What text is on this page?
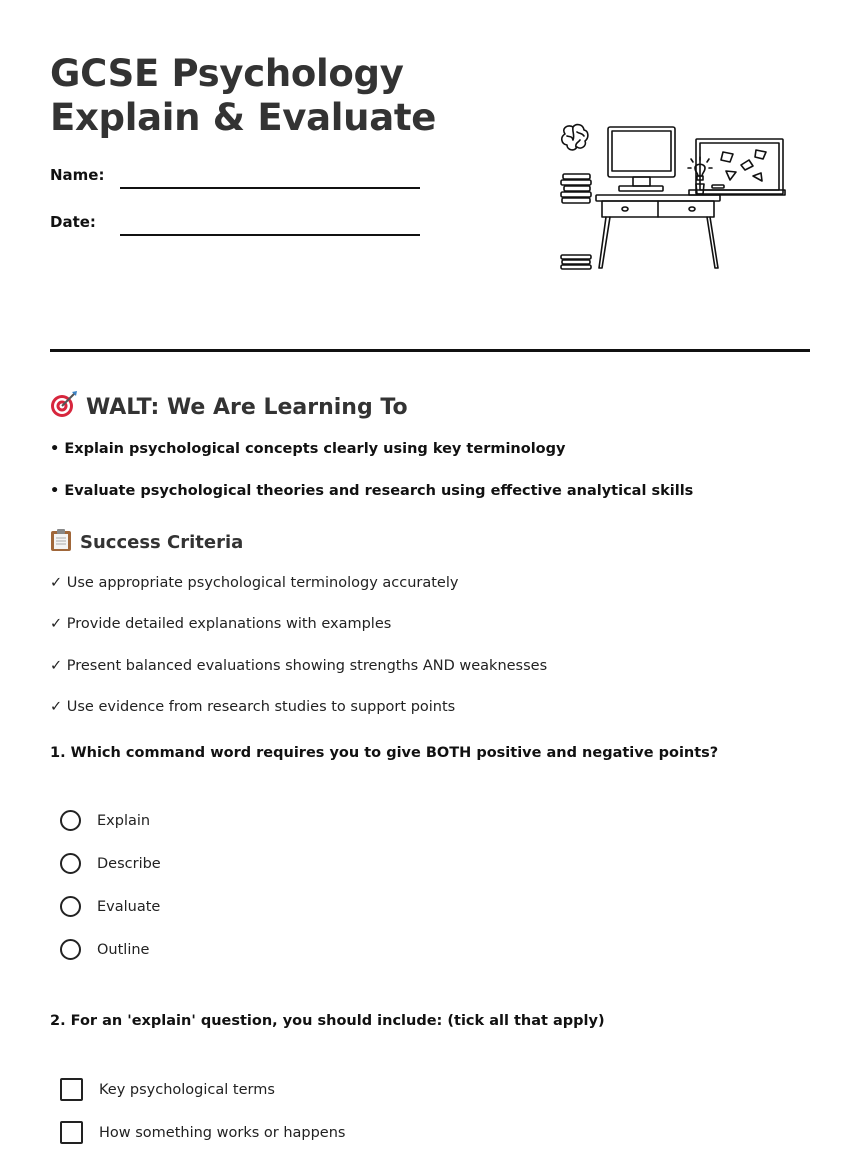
GCSE Psychology
Explain & Evaluate
Name:
Date:
WALT: We Are Learning To
• Explain psychological concepts clearly using key terminology
• Evaluate psychological theories and research using effective analytical skills
Success Criteria
✓ Use appropriate psychological terminology accurately
✓ Provide detailed explanations with examples
✓ Present balanced evaluations showing strengths AND weaknesses
✓ Use evidence from research studies to support points
1. Which command word requires you to give BOTH positive and negative points?
Explain
Describe
Evaluate
Outline
2. For an 'explain' question, you should include: (tick all that apply)
Key psychological terms
How something works or happens
